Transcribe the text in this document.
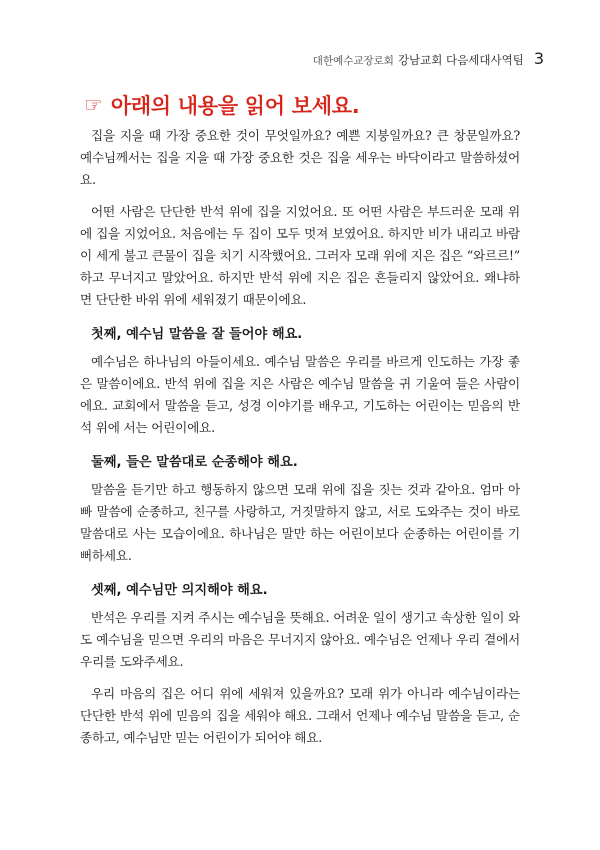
대한예수교장로회 강남교회 다음세대사역팀 3
☞ 아래의 내용을 읽어 보세요.

집을 지을 때 가장 중요한 것이 무엇일까요? 예쁜 지붕일까요? 큰 창문일까요? 예수님께서는 집을 지을 때 가장 중요한 것은 집을 세우는 바닥이라고 말씀하셨어요.

어떤 사람은 단단한 반석 위에 집을 지었어요. 또 어떤 사람은 부드러운 모래 위에 집을 지었어요. 처음에는 두 집이 모두 멋져 보였어요. 하지만 비가 내리고 바람이 세게 불고 큰물이 집을 치기 시작했어요. 그러자 모래 위에 지은 집은 “와르르!” 하고 무너지고 말았어요. 하지만 반석 위에 지은 집은 흔들리지 않았어요. 왜냐하면 단단한 바위 위에 세워졌기 때문이에요.

첫째, 예수님 말씀을 잘 들어야 해요.

예수님은 하나님의 아들이세요. 예수님 말씀은 우리를 바르게 인도하는 가장 좋은 말씀이에요. 반석 위에 집을 지은 사람은 예수님 말씀을 귀 기울여 들은 사람이에요. 교회에서 말씀을 듣고, 성경 이야기를 배우고, 기도하는 어린이는 믿음의 반석 위에 서는 어린이에요.

둘째, 들은 말씀대로 순종해야 해요.

말씀을 듣기만 하고 행동하지 않으면 모래 위에 집을 짓는 것과 같아요. 엄마 아빠 말씀에 순종하고, 친구를 사랑하고, 거짓말하지 않고, 서로 도와주는 것이 바로 말씀대로 사는 모습이에요. 하나님은 말만 하는 어린이보다 순종하는 어린이를 기뻐하세요.

셋째, 예수님만 의지해야 해요.

반석은 우리를 지켜 주시는 예수님을 뜻해요. 어려운 일이 생기고 속상한 일이 와도 예수님을 믿으면 우리의 마음은 무너지지 않아요. 예수님은 언제나 우리 곁에서 우리를 도와주세요.

우리 마음의 집은 어디 위에 세워져 있을까요? 모래 위가 아니라 예수님이라는 단단한 반석 위에 믿음의 집을 세워야 해요. 그래서 언제나 예수님 말씀을 듣고, 순종하고, 예수님만 믿는 어린이가 되어야 해요.
